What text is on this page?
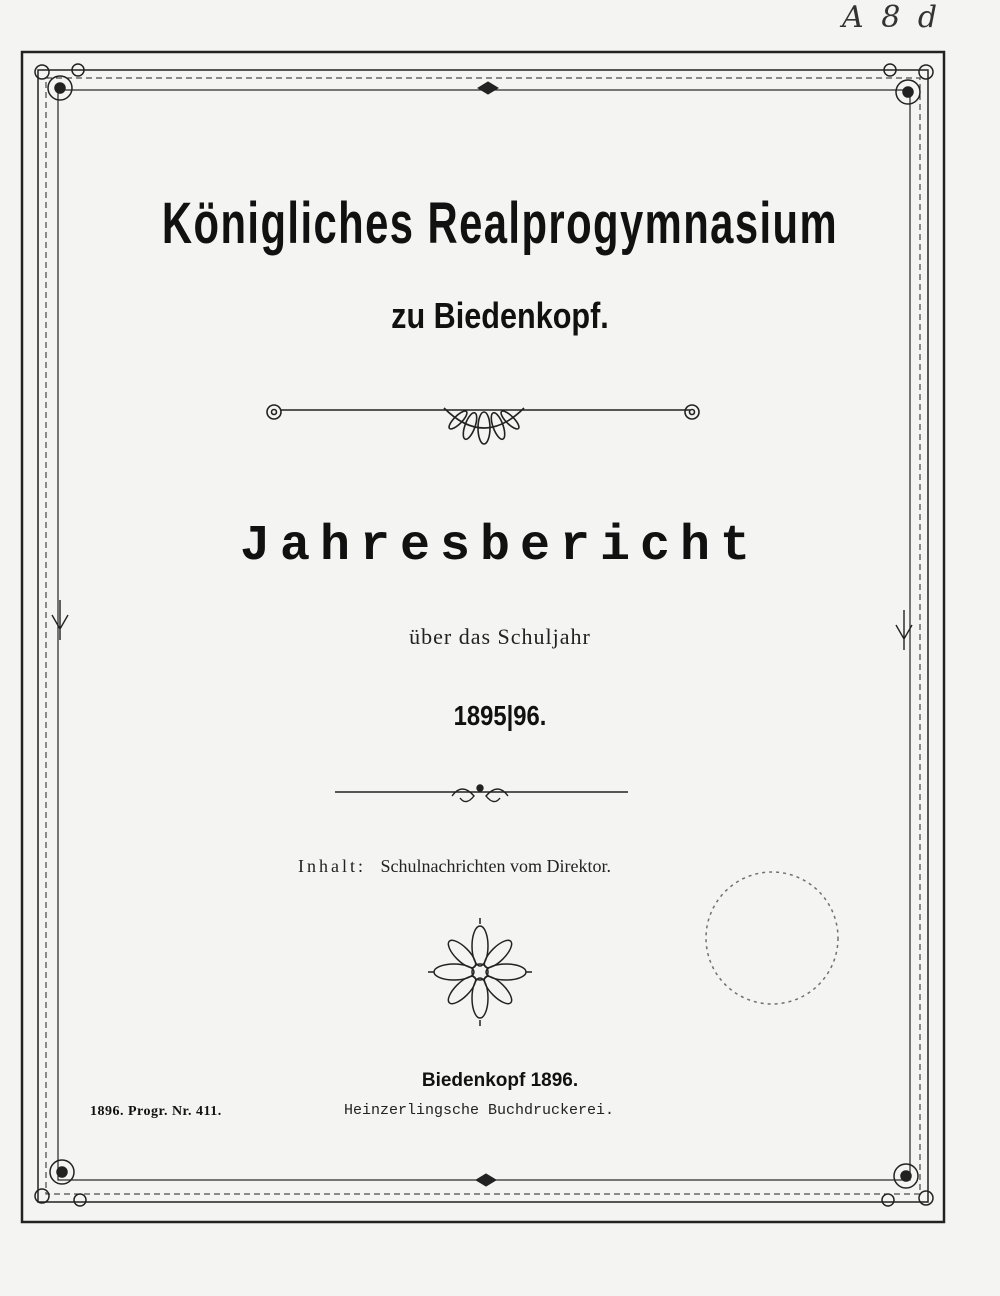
A 8 d
Königliches Realprogymnasium
zu Biedenkopf.
Jahresbericht
über das Schuljahr
1895|96.
Inhalt: Schulnachrichten vom Direktor.
Biedenkopf 1896.
1896. Progr. Nr. 411.	Heinzerlingsche Buchdruckerei.
